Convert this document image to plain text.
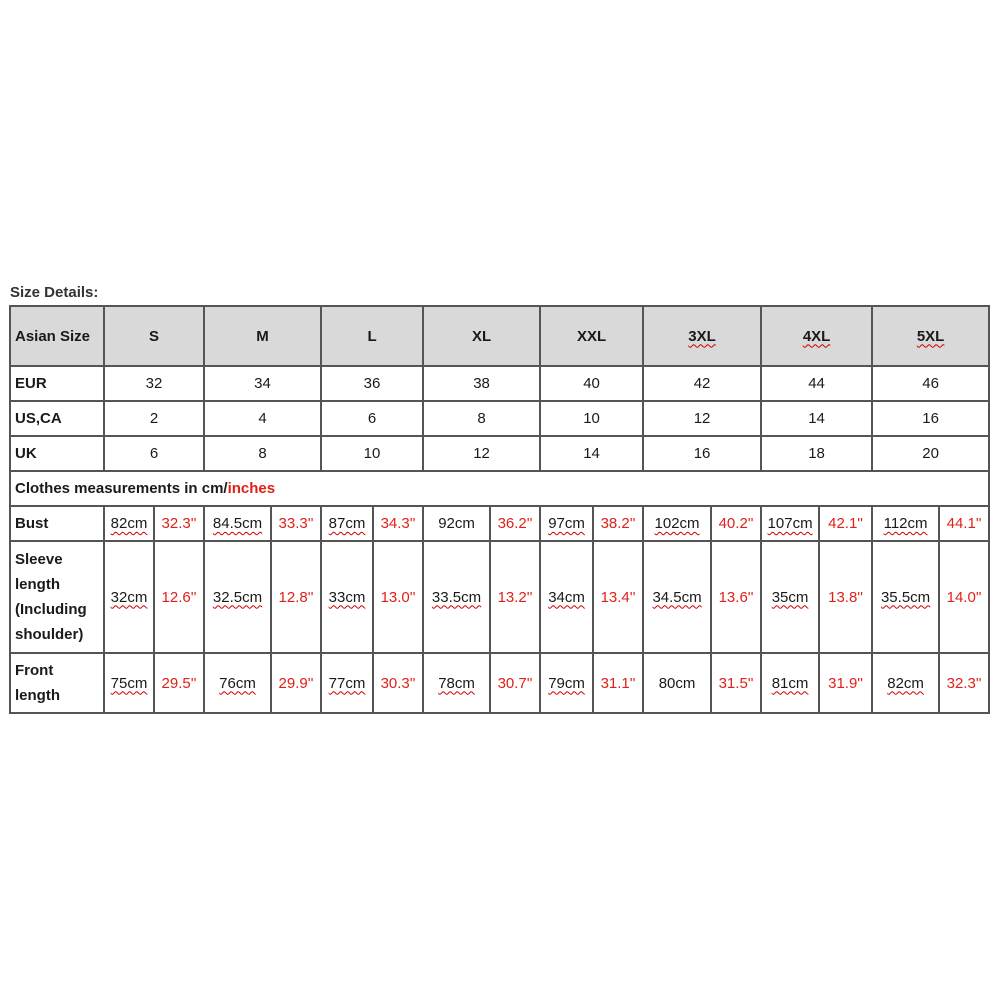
Size Details:
Asian Size	S		M		L		XL		XXL		3XL		4XL		5XL	
EUR	32		34		36		38		40		42		44		46	
US,CA	2		4		6		8		10		12		14		16	
UK	6		8		10		12		14		16		18		20	
Clothes measurements in cm/inches																
Bust	82cm	32.3''	84.5cm	33.3''	87cm	34.3''	92cm	36.2''	97cm	38.2''	102cm	40.2''	107cm	42.1''	112cm	44.1''
Sleeve length (Including shoulder)	32cm	12.6''	32.5cm	12.8''	33cm	13.0''	33.5cm	13.2''	34cm	13.4''	34.5cm	13.6''	35cm	13.8''	35.5cm	14.0''
Front length	75cm	29.5''	76cm	29.9''	77cm	30.3''	78cm	30.7''	79cm	31.1''	80cm	31.5''	81cm	31.9''	82cm	32.3''
